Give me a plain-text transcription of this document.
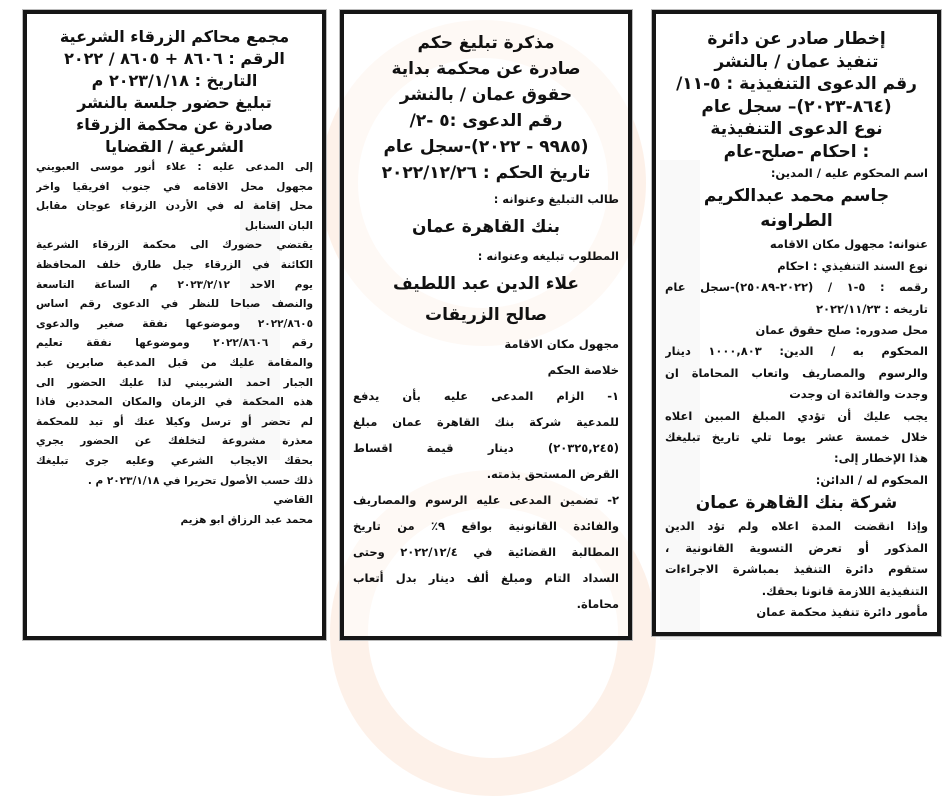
مجمع محاكم الزرقاء الشرعية
الرقم : ٨٦٠٦ + ٨٦٠٥ / ٢٠٢٢
التاريخ : ٢٠٢٣/١/١٨ م
تبليغ حضور جلسة بالنشر
صادرة عن محكمة الزرقاء
الشرعية / القضايا
إلى المدعى عليه : علاء أنور موسى العبويني
مجهول محل الاقامه في جنوب افريقيا واخر
محل إقامة له في الأردن الزرقاء عوجان مقابل
البان السنابل
يقتضي حضورك الى محكمة الزرقاء الشرعية
الكائنة في الزرقاء جبل طارق خلف المحافظة
يوم الاحد ٢٠٢٣/٢/١٢ م الساعة التاسعة
والنصف صباحا للنظر في الدعوى رقم اساس
٢٠٢٢/٨٦٠٥ وموضوعها نفقة صغير والدعوى
رقم ٢٠٢٢/٨٦٠٦ وموضوعها نفقة تعليم
والمقامة عليك من قبل المدعية صابرين عبد
الجبار احمد الشربيني لذا عليك الحضور الى
هذه المحكمة في الزمان والمكان المحددين فاذا
لم تحضر أو ترسل وكيلا عنك أو تبد للمحكمة
معذرة مشروعة لتخلفك عن الحضور يجري
بحقك الايجاب الشرعي وعليه جرى تبليغك
ذلك حسب الأصول تحريرا في ٢٠٢٣/١/١٨ م .
القاضي
محمد عبد الرزاق ابو هزيم
مذكرة تبليغ حكم
صادرة عن محكمة بداية
حقوق عمان / بالنشر
رقم الدعوى :٥ -٢/
(٩٩٨٥ - ٢٠٢٢)-سجل عام
تاريخ الحكم : ٢٠٢٢/١٢/٢٦
طالب التبليغ وعنوانه :
بنك القاهرة عمان
المطلوب تبليغه وعنوانه :
علاء الدين عبد اللطيف
صالح الزريقات
مجهول مكان الاقامة
خلاصة الحكم
١- الزام المدعى عليه بأن يدفع
للمدعية شركة بنك القاهرة عمان مبلغ
(٢٠٣٢٥,٢٤٥) دينار قيمة اقساط
القرض المستحق بذمته.
٢- تضمين المدعى عليه الرسوم والمصاريف
والفائدة القانونية بواقع ٩٪ من تاريخ
المطالبة القضائية في ٢٠٢٢/١٢/٤ وحتى
السداد التام ومبلغ ألف دينار بدل أتعاب
محاماة.
إخطار صادر عن دائرة
تنفيذ عمان / بالنشر
رقم الدعوى التنفيذية : ٥-١١/
(٨٦٤-٢٠٢٣)– سجل عام
نوع الدعوى التنفيذية
: احكام -صلح-عام
اسم المحكوم عليه / المدين:
جاسم محمد عبدالكريم
الطراونه
عنوانه: مجهول مكان الاقامه
نوع السند التنفيذي : احكام
رقمه : ٥-١ / (٢٠٢٢-٢٥٠٨٩)-سجل عام
تاريخه : ٢٠٢٢/١١/٢٣
محل صدوره: صلح حقوق عمان
المحكوم به / الدين: ١٠٠٠,٨٠٣ دينار
والرسوم والمصاريف واتعاب المحاماة ان
وجدت والفائدة ان وجدت
يجب عليك أن تؤدي المبلغ المبين اعلاه
خلال خمسة عشر يوما تلي تاريخ تبليغك
هذا الإخطار إلى:
المحكوم له / الدائن:
شركة بنك القاهرة عمان
وإذا انقضت المدة اعلاه ولم تؤد الدين
المذكور أو تعرض التسوية القانونية ،
ستقوم دائرة التنفيذ بمباشرة الاجراءات
التنفيذية اللازمة قانونا بحقك.
مأمور دائرة تنفيذ محكمة عمان
